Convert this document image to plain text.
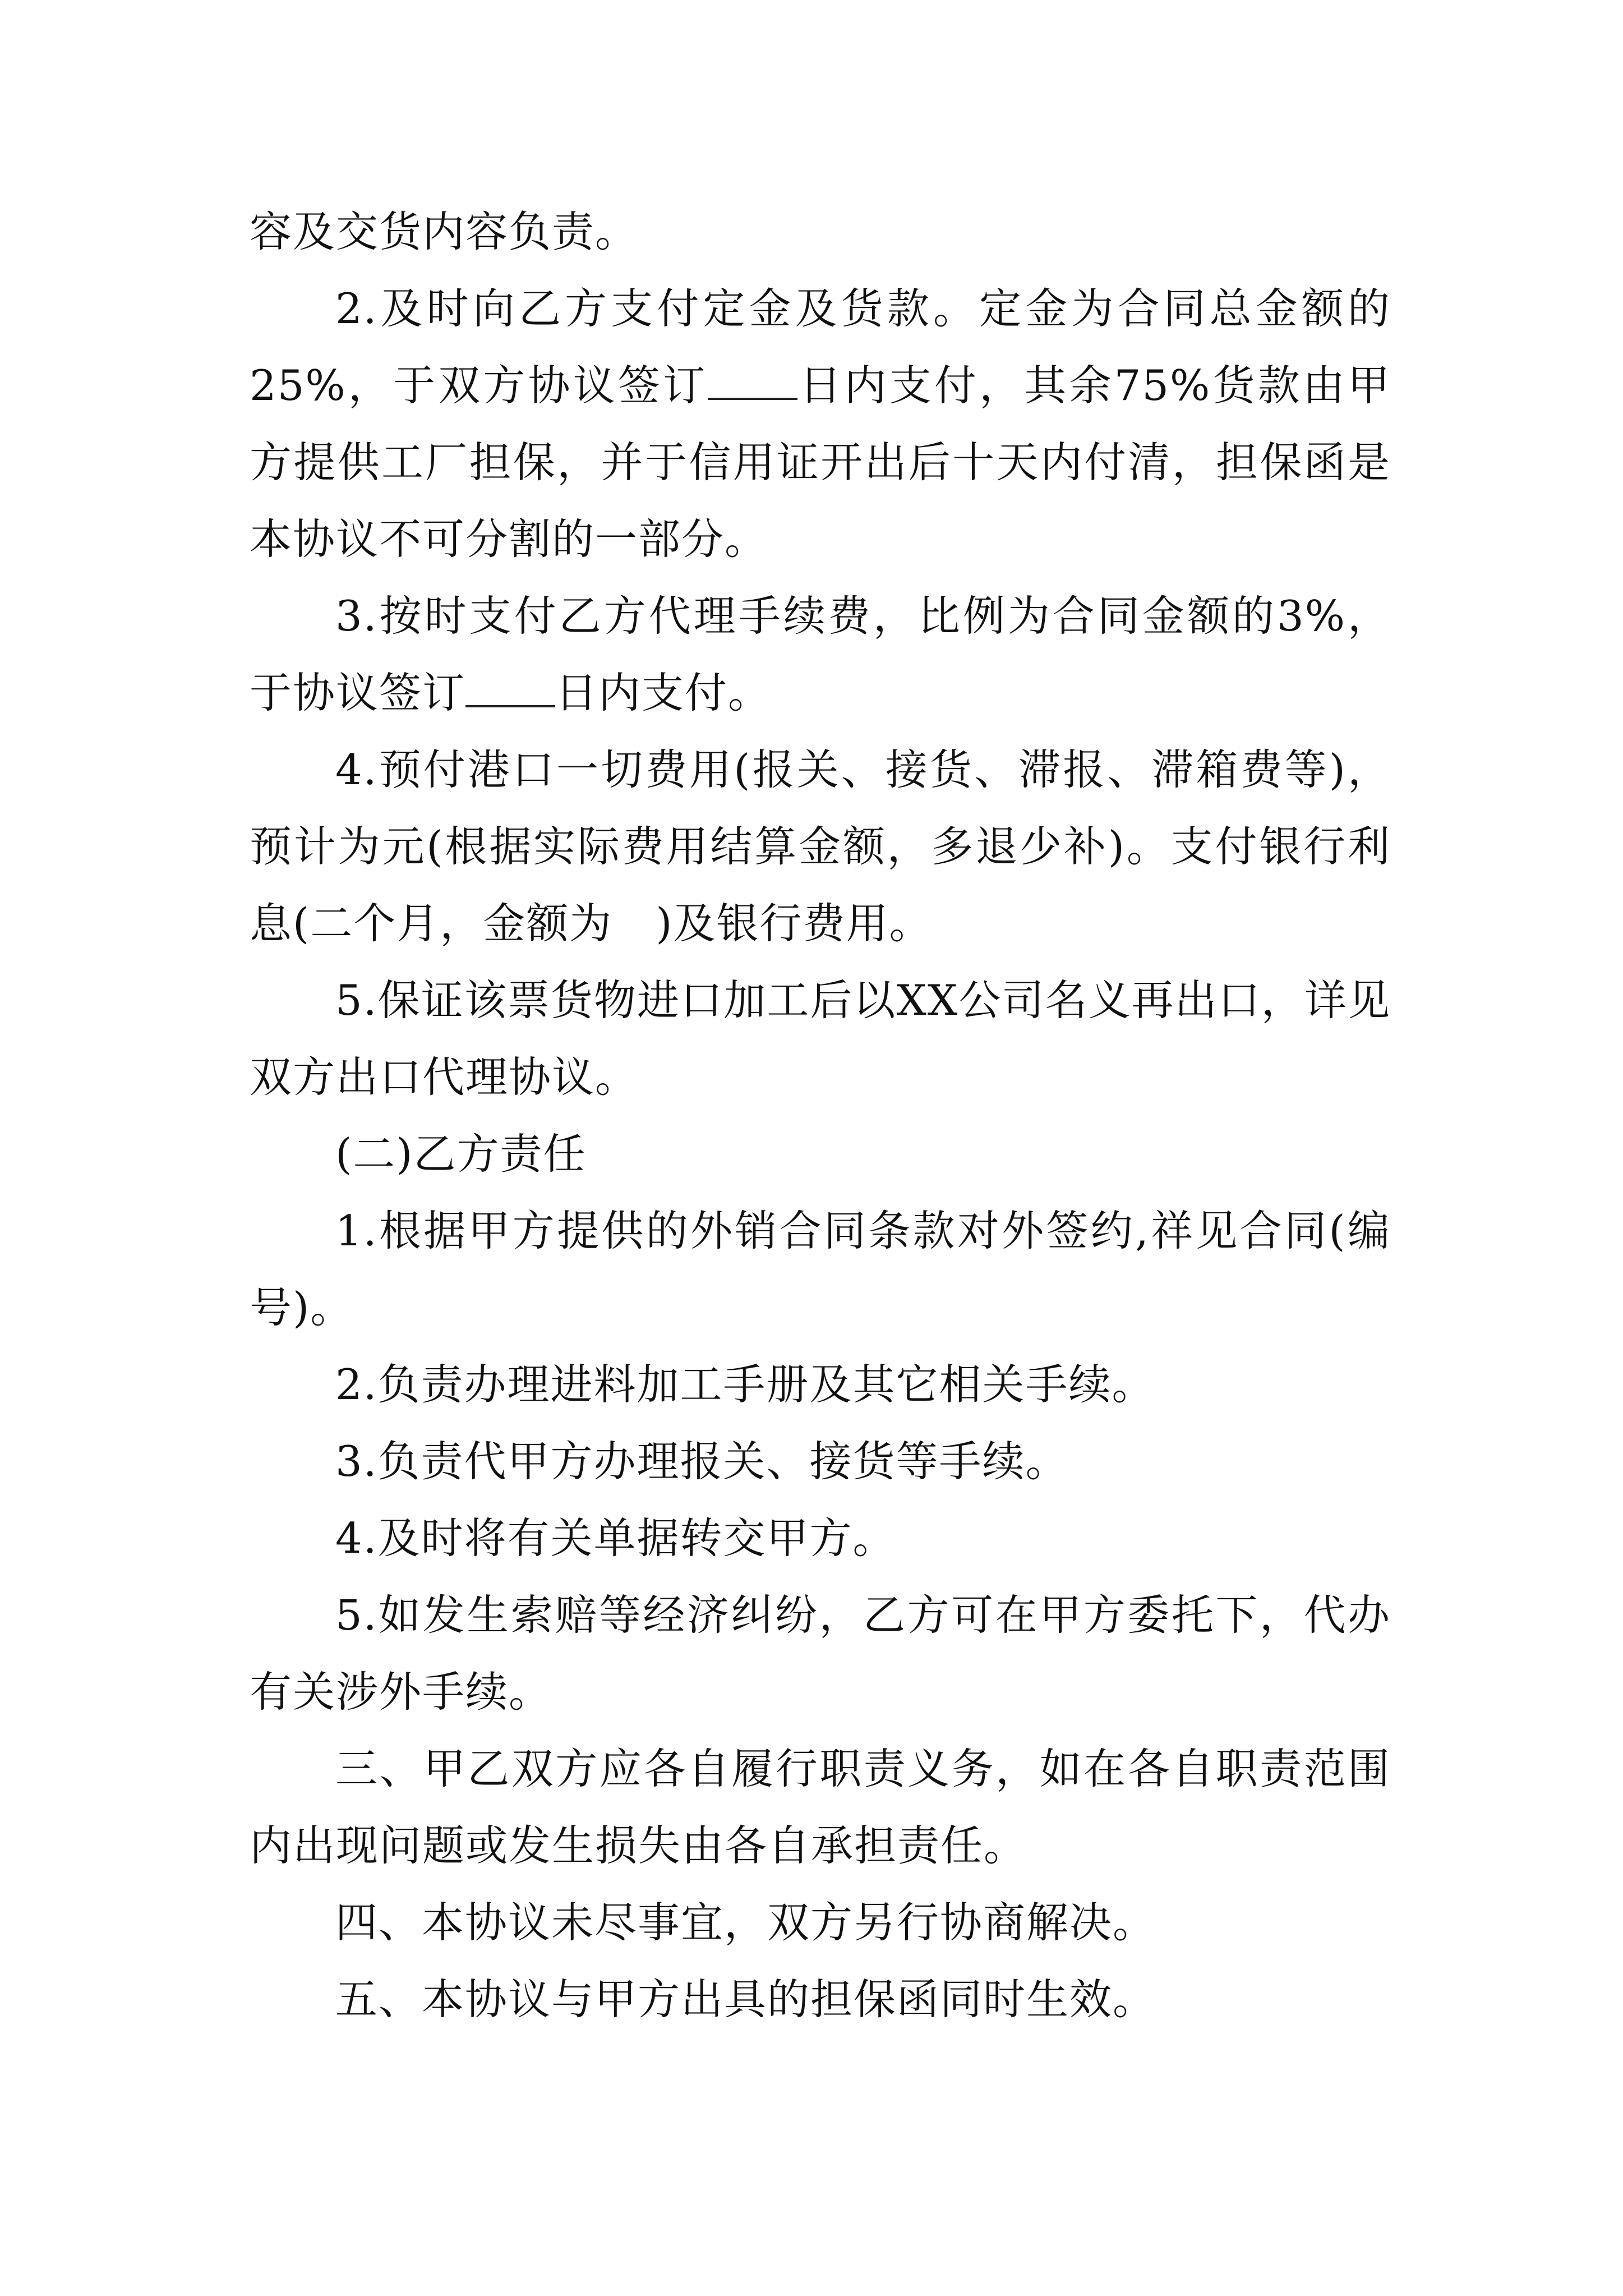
容及交货内容负责。

2.及时向乙方支付定金及货款。定金为合同总金额的25%，于双方协议签订 日内支付，其余75%货款由甲方提供工厂担保，并于信用证开出后十天内付清，担保函是本协议不可分割的一部分。

3.按时支付乙方代理手续费，比例为合同金额的3%，于协议签订 日内支付。

4.预付港口一切费用(报关、接货、滞报、滞箱费等)，预计为元(根据实际费用结算金额，多退少补)。支付银行利息(二个月，金额为　)及银行费用。

5.保证该票货物进口加工后以XX公司名义再出口，详见双方出口代理协议。

(二)乙方责任

1.根据甲方提供的外销合同条款对外签约,祥见合同(编号)。

2.负责办理进料加工手册及其它相关手续。

3.负责代甲方办理报关、接货等手续。

4.及时将有关单据转交甲方。

5.如发生索赔等经济纠纷，乙方可在甲方委托下，代办有关涉外手续。

三、甲乙双方应各自履行职责义务，如在各自职责范围内出现问题或发生损失由各自承担责任。

四、本协议未尽事宜，双方另行协商解决。

五、本协议与甲方出具的担保函同时生效。
